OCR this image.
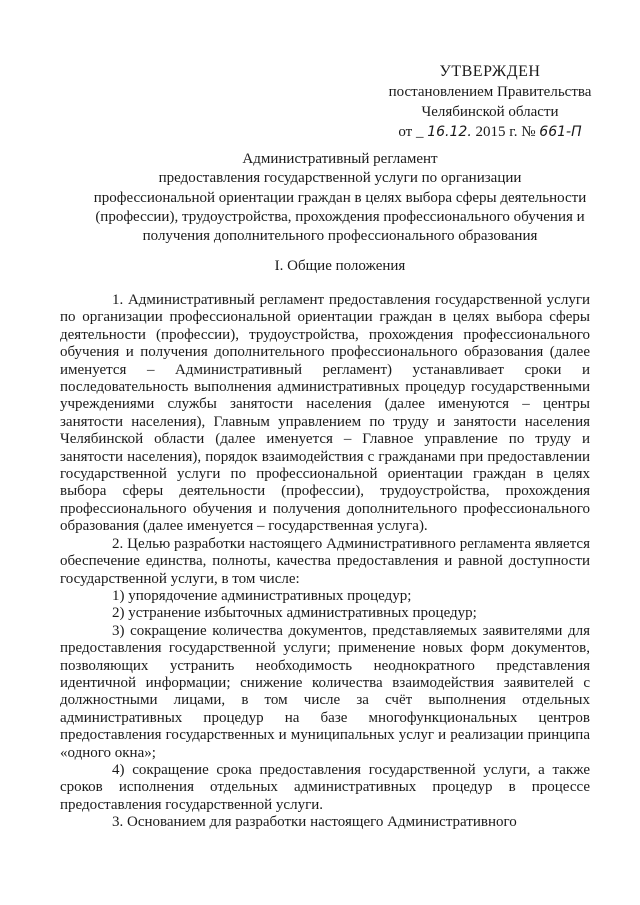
УТВЕРЖДЕН
постановлением Правительства
Челябинской области
от _ 16.12. 2015 г. № 661-П
Административный регламент
предоставления государственной услуги по организации
профессиональной ориентации граждан в целях выбора сферы деятельности
(профессии), трудоустройства, прохождения профессионального обучения и
получения дополнительного профессионального образования
I. Общие положения

1. Административный регламент предоставления государственной услуги по организации профессиональной ориентации граждан в целях выбора сферы деятельности (профессии), трудоустройства, прохождения профессионального обучения и получения дополнительного профессионального образования (далее именуется – Административный регламент) устанавливает сроки и последовательность выполнения административных процедур государственными учреждениями службы занятости населения (далее именуются – центры занятости населения), Главным управлением по труду и занятости населения Челябинской области (далее именуется – Главное управление по труду и занятости населения), порядок взаимодействия с гражданами при предоставлении государственной услуги по профессиональной ориентации граждан в целях выбора сферы деятельности (профессии), трудоустройства, прохождения профессионального обучения и получения дополнительного профессионального образования (далее именуется – государственная услуга).

2. Целью разработки настоящего Административного регламента является обеспечение единства, полноты, качества предоставления и равной доступности государственной услуги, в том числе:

1) упорядочение административных процедур;

2) устранение избыточных административных процедур;

3) сокращение количества документов, представляемых заявителями для предоставления государственной услуги; применение новых форм документов, позволяющих устранить необходимость неоднократного представления идентичной информации; снижение количества взаимодействия заявителей с должностными лицами, в том числе за счёт выполнения отдельных административных процедур на базе многофункциональных центров предоставления государственных и муниципальных услуг и реализации принципа «одного окна»;

4) сокращение срока предоставления государственной услуги, а также сроков исполнения отдельных административных процедур в процессе предоставления государственной услуги.

3. Основанием для разработки настоящего Административного
